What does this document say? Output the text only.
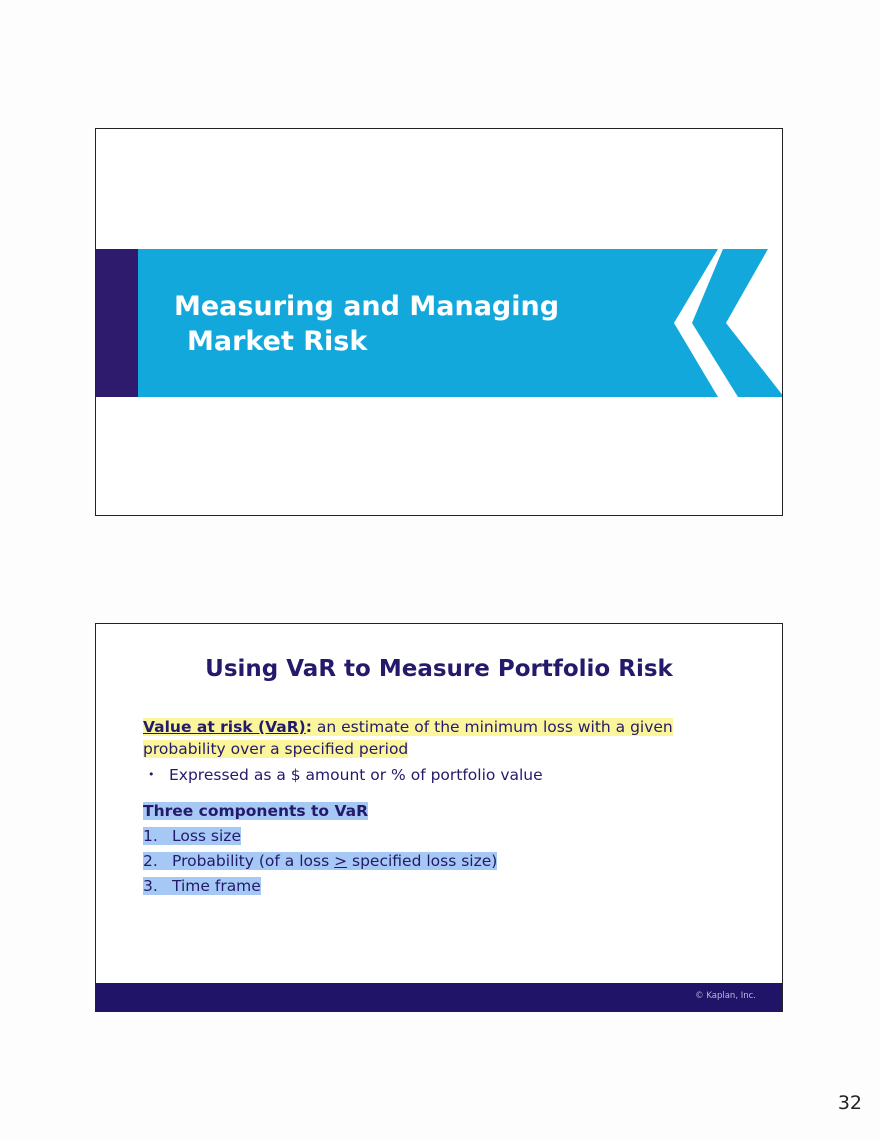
Measuring and Managing
Market Risk
Using VaR to Measure Portfolio Risk
Value at risk (VaR): an estimate of the minimum loss with a given probability over a specified period
• Expressed as a $ amount or % of portfolio value
Three components to VaR
1. Loss size
2. Probability (of a loss > specified loss size)
3. Time frame
© Kaplan, Inc.
32
